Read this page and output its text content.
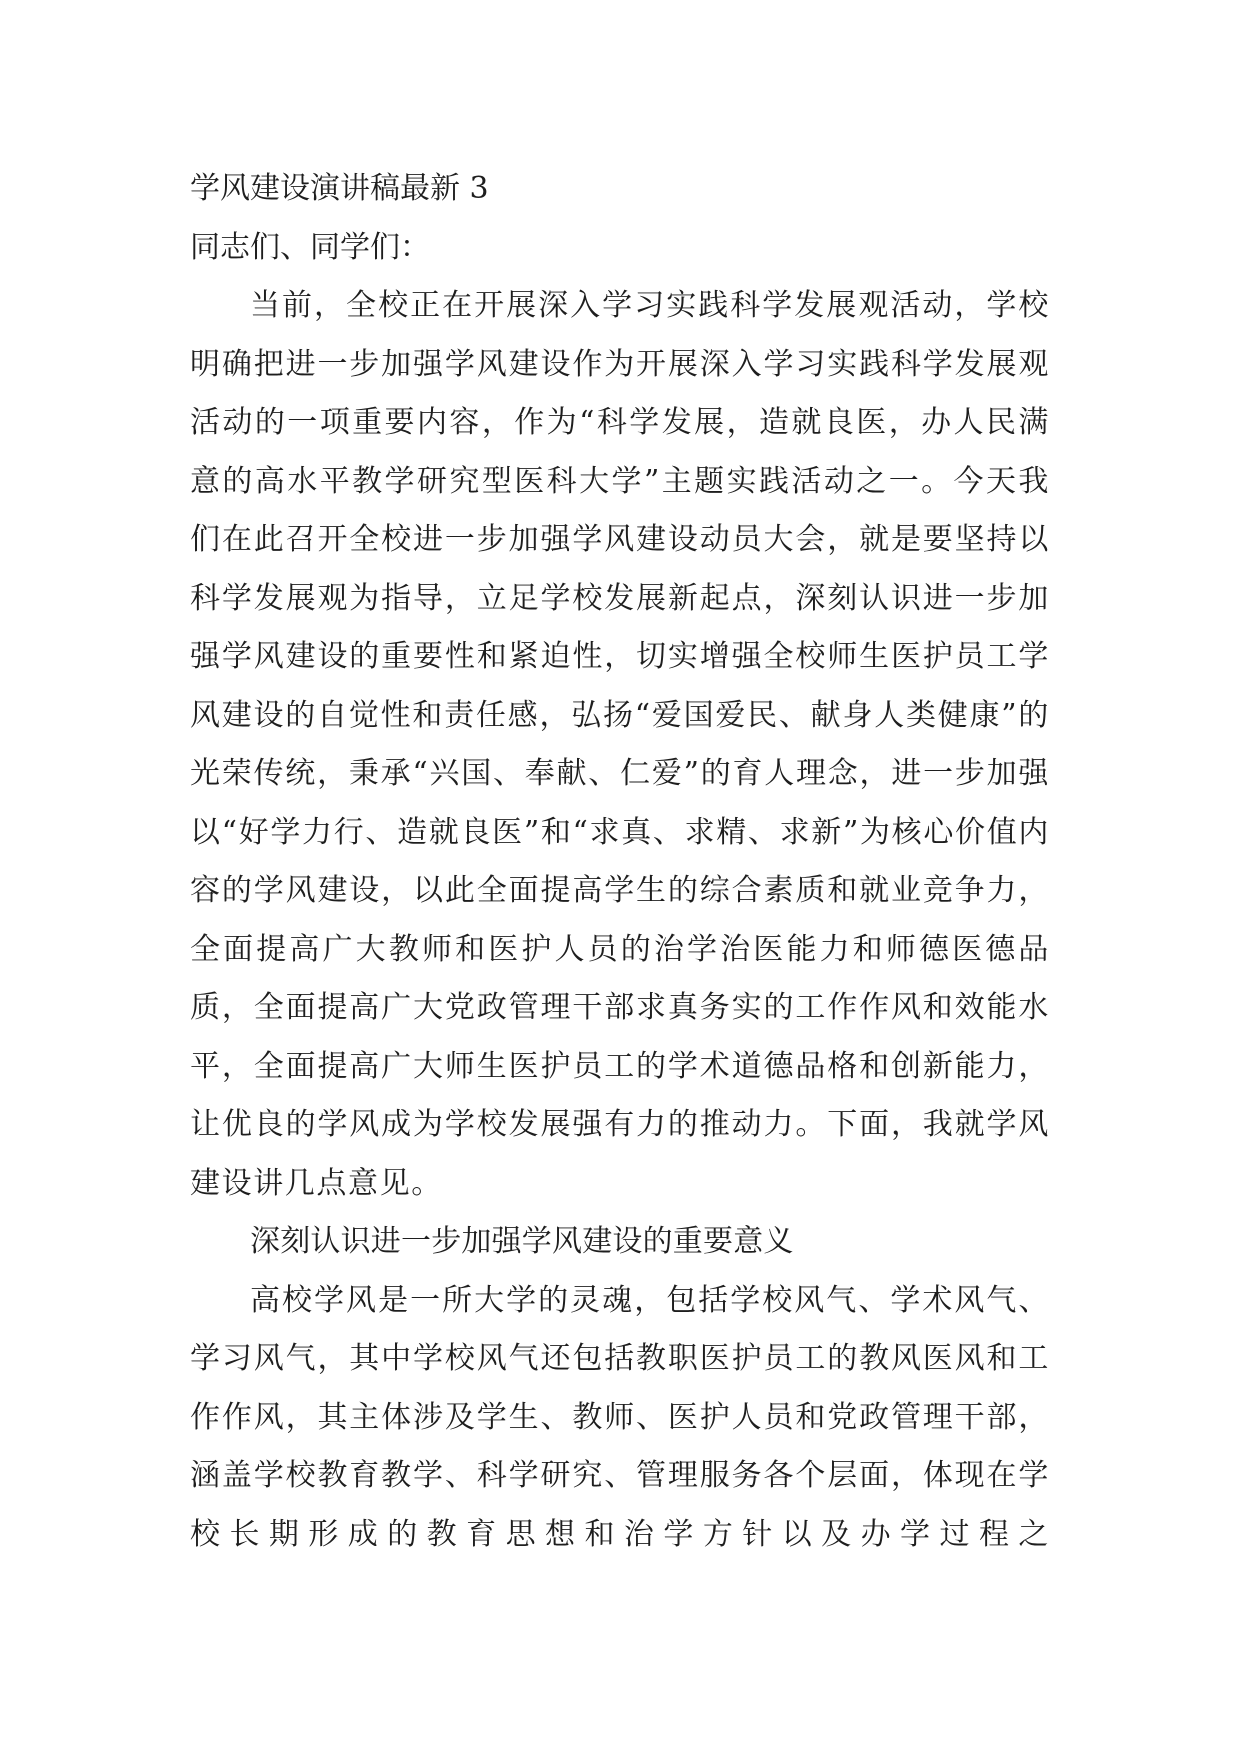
学风建设演讲稿最新 3

同志们、同学们：

当前，全校正在开展深入学习实践科学发展观活动，学校明确把进一步加强学风建设作为开展深入学习实践科学发展观活动的一项重要内容，作为“科学发展，造就良医，办人民满意的高水平教学研究型医科大学”主题实践活动之一。今天我们在此召开全校进一步加强学风建设动员大会，就是要坚持以科学发展观为指导，立足学校发展新起点，深刻认识进一步加强学风建设的重要性和紧迫性，切实增强全校师生医护员工学风建设的自觉性和责任感，弘扬“爱国爱民、献身人类健康”的光荣传统，秉承“兴国、奉献、仁爱”的育人理念，进一步加强以“好学力行、造就良医”和“求真、求精、求新”为核心价值内容的学风建设，以此全面提高学生的综合素质和就业竞争力，全面提高广大教师和医护人员的治学治医能力和师德医德品质，全面提高广大党政管理干部求真务实的工作作风和效能水平，全面提高广大师生医护员工的学术道德品格和创新能力，让优良的学风成为学校发展强有力的推动力。下面，我就学风建设讲几点意见。

深刻认识进一步加强学风建设的重要意义

高校学风是一所大学的灵魂，包括学校风气、学术风气、学习风气，其中学校风气还包括教职医护员工的教风医风和工作作风，其主体涉及学生、教师、医护人员和党政管理干部，涵盖学校教育教学、科学研究、管理服务各个层面，体现在学校长期形成的教育思想和治学方针以及办学过程之
